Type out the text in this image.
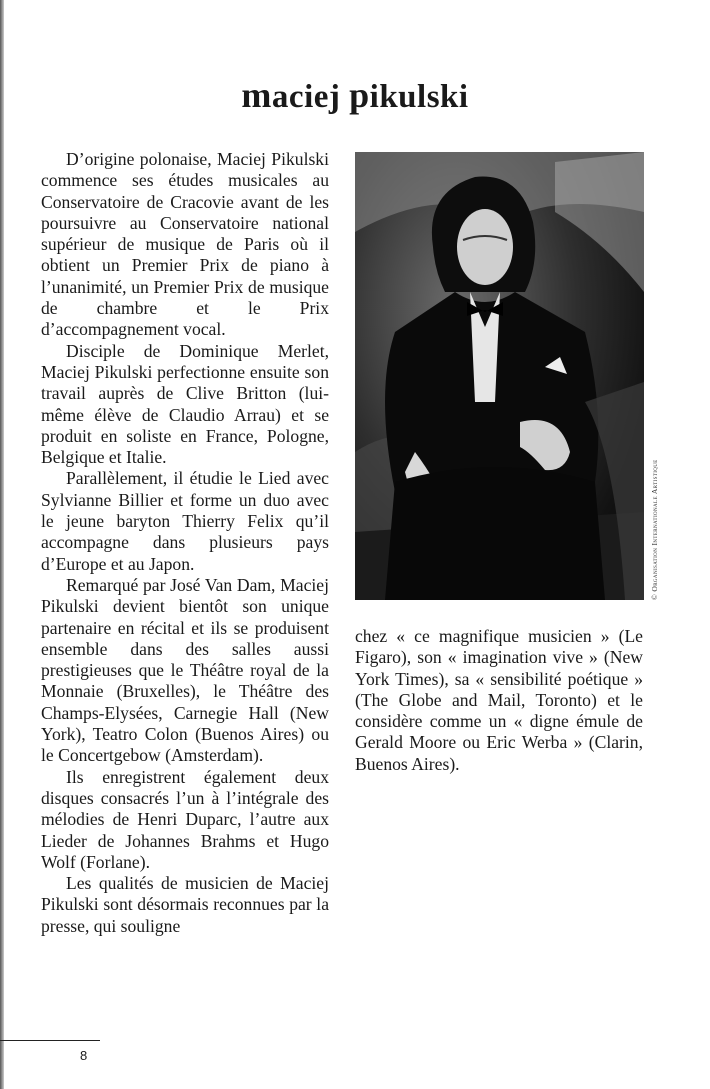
maciej pikulski

D’origine polonaise, Maciej Pikulski commence ses études musicales au Conservatoire de Cracovie avant de les poursuivre au Conservatoire national supérieur de musique de Paris où il obtient un Premier Prix de piano à l’unanimité, un Premier Prix de musique de chambre et le Prix d’accompagnement vocal.

Disciple de Dominique Merlet, Maciej Pikulski perfectionne ensuite son travail auprès de Clive Britton (lui-même élève de Claudio Arrau) et se produit en soliste en France, Pologne, Belgique et Italie.

Parallèlement, il étudie le Lied avec Sylvianne Billier et forme un duo avec le jeune baryton Thierry Felix qu’il accompagne dans plusieurs pays d’Europe et au Japon.

Remarqué par José Van Dam, Maciej Pikulski devient bientôt son unique partenaire en récital et ils se produisent ensemble dans des salles aussi prestigieuses que le Théâtre royal de la Monnaie (Bruxelles), le Théâtre des Champs-Elysées, Carnegie Hall (New York), Teatro Colon (Buenos Aires) ou le Concertgebow (Amsterdam).

Ils enregistrent également deux disques consacrés l’un à l’intégrale des mélodies de Henri Duparc, l’autre aux Lieder de Johannes Brahms et Hugo Wolf (Forlane).

Les qualités de musicien de Maciej Pikulski sont désormais reconnues par la presse, qui souligne

© Organisation Internationale Artistique

chez « ce magnifique musicien » (Le Figaro), son « imagination vive » (New York Times), sa « sensibilité poétique » (The Globe and Mail, Toronto) et le considère comme un « digne émule de Gerald Moore ou Eric Werba » (Clarin, Buenos Aires).

8
